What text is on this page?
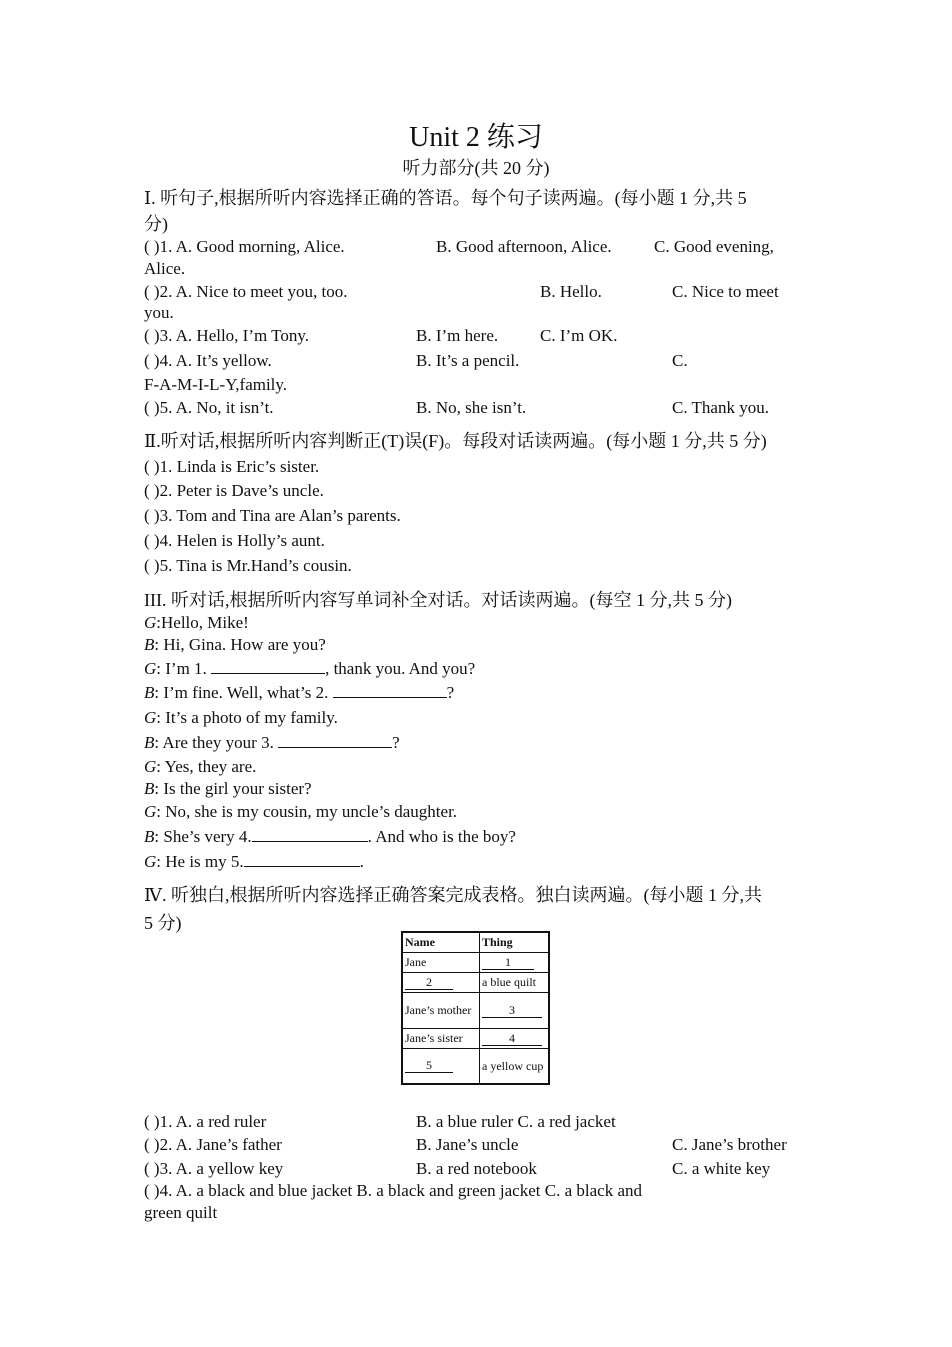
Unit 2 练习
听力部分(共 20 分)
Ⅰ. 听句子,根据所听内容选择正确的答语。每个句子读两遍。(每小题 1 分,共 5
分)
( )1. A. Good morning, Alice.	B. Good afternoon, Alice. C. Good evening,
Alice.
( )2. A. Nice to meet you, too.	B. Hello.	C. Nice to meet
you.
( )3. A. Hello, I’m Tony.	B. I’m here. C. I’m OK.
( )4. A. It’s yellow.	B. It’s a pencil.	C.
F-A-M-I-L-Y,family.
( )5. A. No, it isn’t.	B. No, she isn’t.	C. Thank you.
Ⅱ.听对话,根据所听内容判断正(T)误(F)。每段对话读两遍。(每小题 1 分,共 5 分)
( )1. Linda is Eric’s sister.
( )2. Peter is Dave’s uncle.
( )3. Tom and Tina are Alan’s parents.
( )4. Helen is Holly’s aunt.
( )5. Tina is Mr.Hand’s cousin.
III. 听对话,根据所听内容写单词补全对话。对话读两遍。(每空 1 分,共 5 分)
G:Hello, Mike!
B: Hi, Gina. How are you?
G: I’m 1.	, thank you. And you?
B: I’m fine. Well, what’s 2.	?
G: It’s a photo of my family.
B: Are they your 3.	?
G: Yes, they are.
B: Is the girl your sister?
G: No, she is my cousin, my uncle’s daughter.
B: She’s very 4.	. And who is the boy?
G: He is my 5.	.
Ⅳ. 听独白,根据所听内容选择正确答案完成表格。独白读两遍。(每小题 1 分,共
5 分)
Name	Thing
Jane	1
2	a blue quilt
Jane’s mother	3
Jane’s sister	4
5	a yellow cup
( )1. A. a red ruler	B. a blue ruler C. a red jacket
( )2. A. Jane’s father	B. Jane’s uncle	C. Jane’s brother
( )3. A. a yellow key	B. a red notebook	C. a white key
( )4. A. a black and blue jacket B. a black and green jacket C. a black and
green quilt
